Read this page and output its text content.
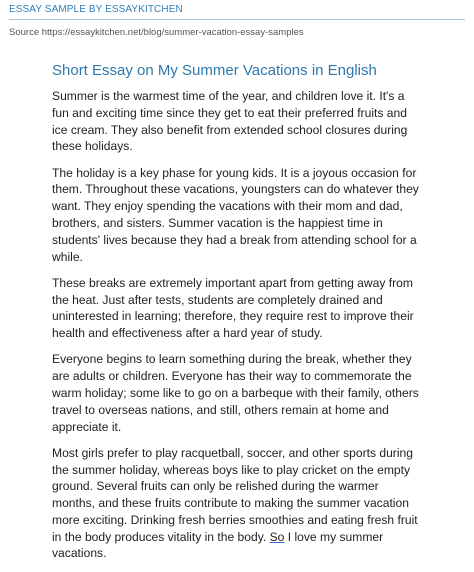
ESSAY SAMPLE BY ESSAYKITCHEN
Source https://essaykitchen.net/blog/summer-vacation-essay-samples
Short Essay on My Summer Vacations in English

Summer is the warmest time of the year, and children love it. It's a fun and exciting time since they get to eat their preferred fruits and ice cream. They also benefit from extended school closures during these holidays.

The holiday is a key phase for young kids. It is a joyous occasion for them. Throughout these vacations, youngsters can do whatever they want. They enjoy spending the vacations with their mom and dad, brothers, and sisters. Summer vacation is the happiest time in students' lives because they had a break from attending school for a while.

These breaks are extremely important apart from getting away from the heat. Just after tests, students are completely drained and uninterested in learning; therefore, they require rest to improve their health and effectiveness after a hard year of study.

Everyone begins to learn something during the break, whether they are adults or children. Everyone has their way to commemorate the warm holiday; some like to go on a barbeque with their family, others travel to overseas nations, and still, others remain at home and appreciate it.

Most girls prefer to play racquetball, soccer, and other sports during the summer holiday, whereas boys like to play cricket on the empty ground. Several fruits can only be relished during the warmer months, and these fruits contribute to making the summer vacation more exciting. Drinking fresh berries smoothies and eating fresh fruit in the body produces vitality in the body. So I love my summer vacations.
